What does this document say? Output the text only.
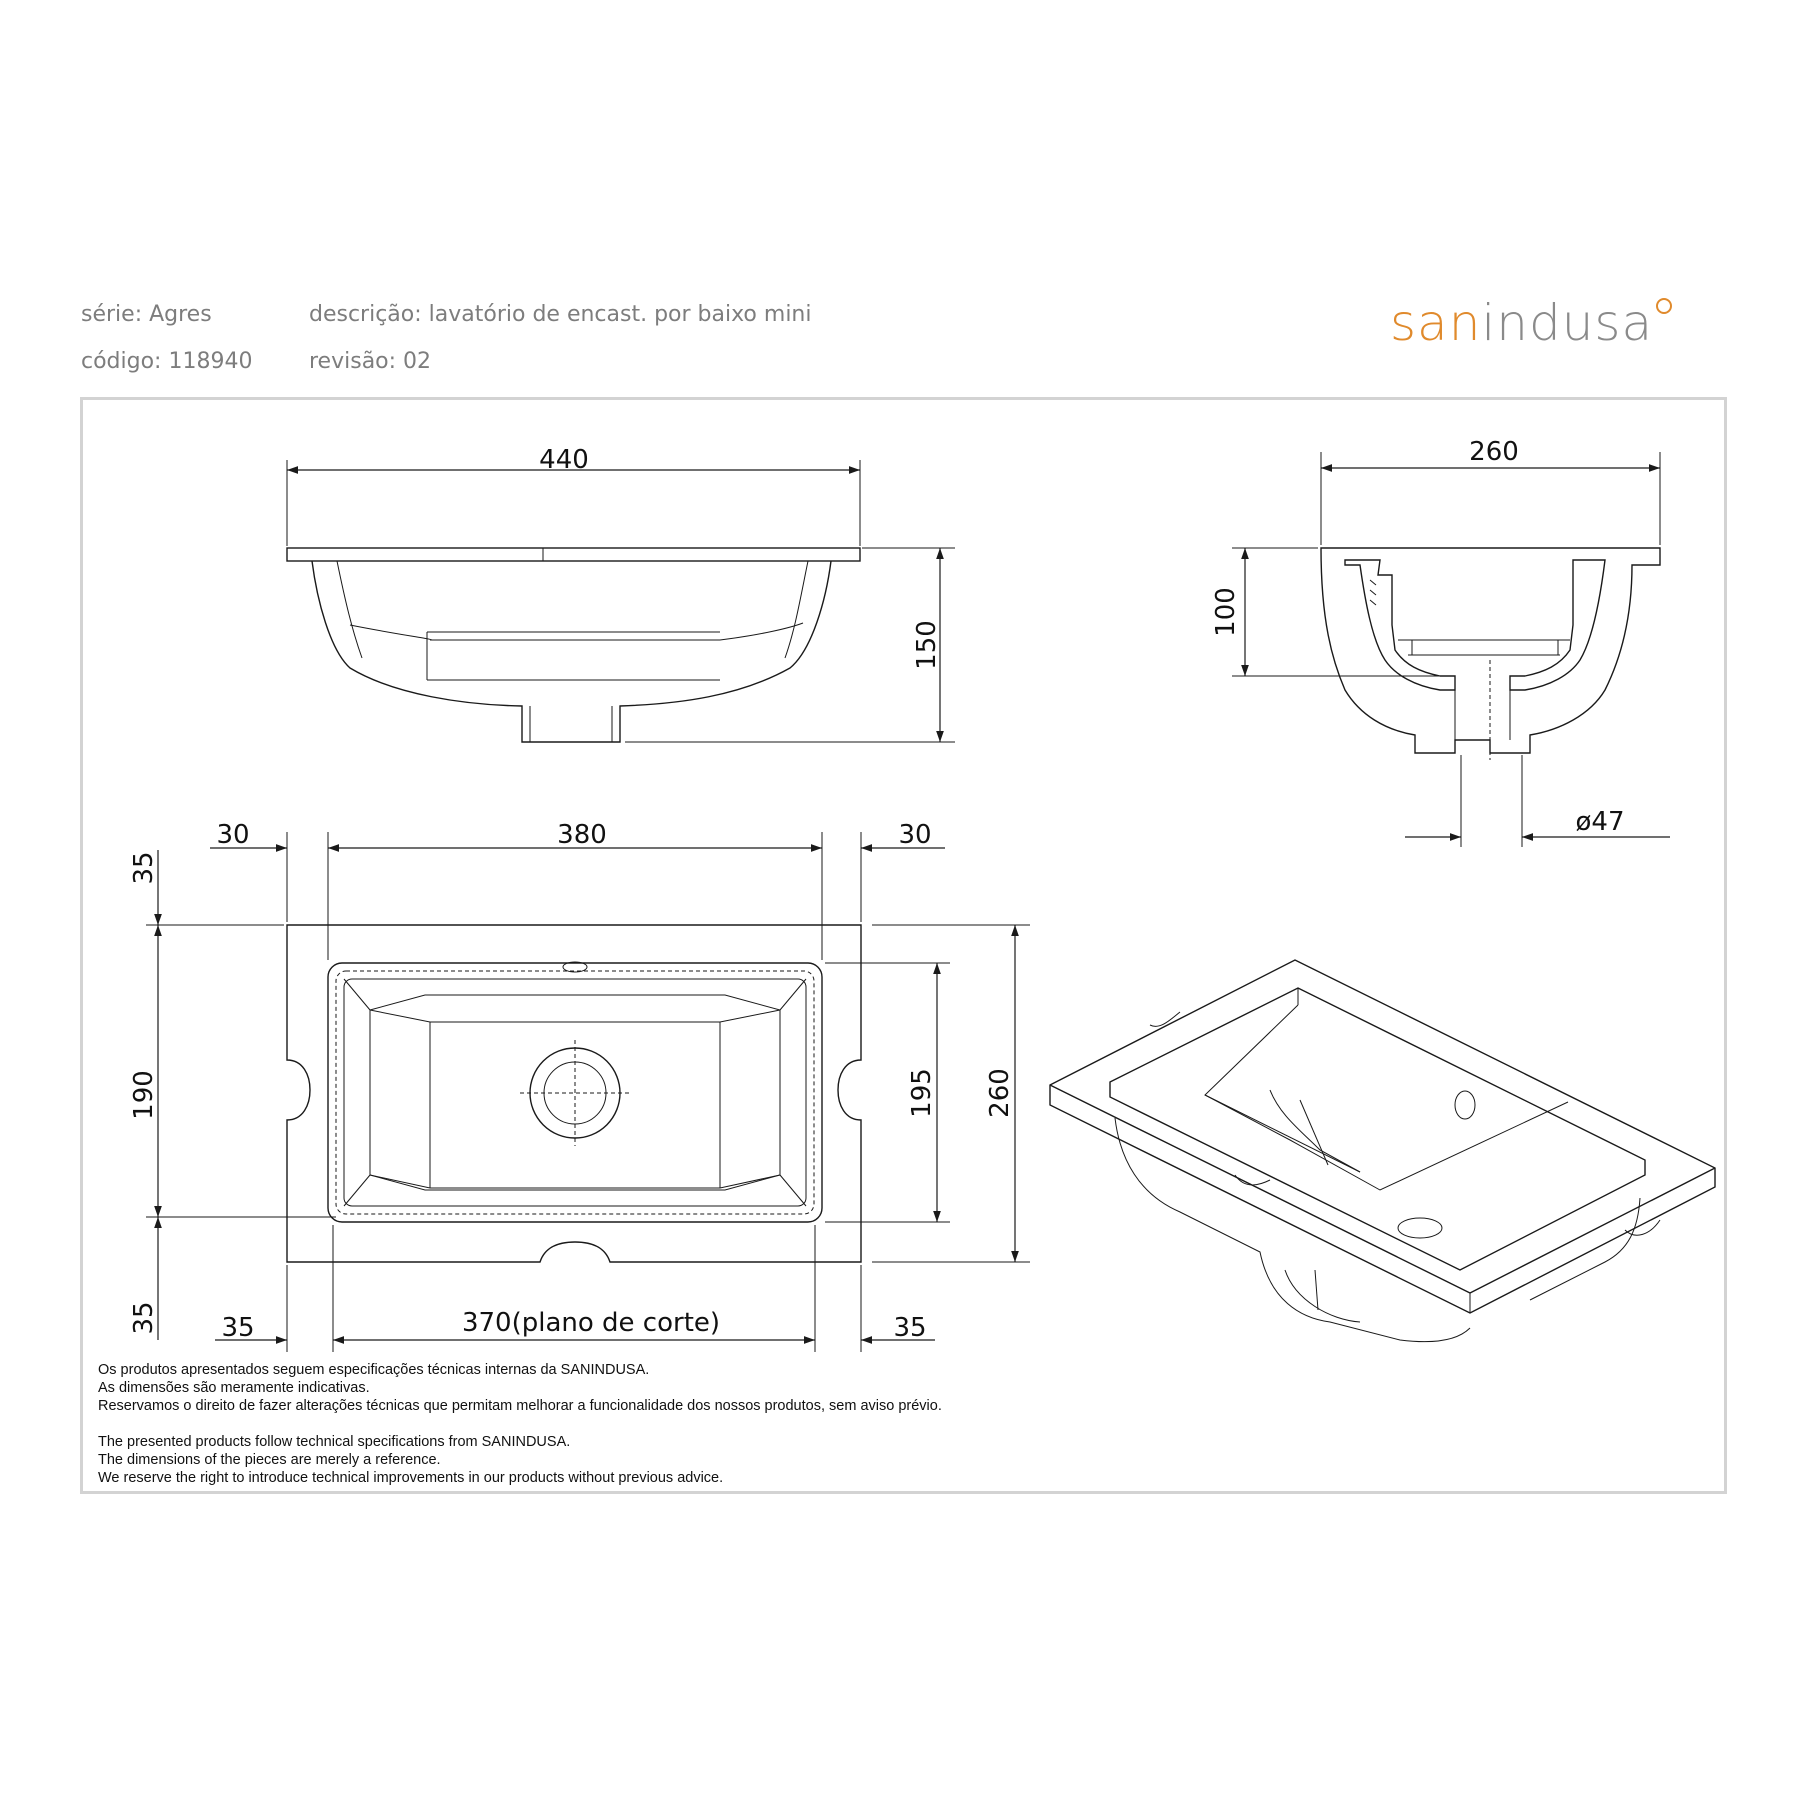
série: Agres
código: 118940
descrição: lavatório de encast. por baixo mini
revisão: 02
sanindusa
440
150
260
100
ø47
30	380	30
35
190
35
195 260
35	370(plano de corte)	35
Os produtos apresentados seguem especificações técnicas internas da SANINDUSA.
As dimensões são meramente indicativas.
Reservamos o direito de fazer alterações técnicas que permitam melhorar a funcionalidade dos nossos produtos, sem aviso prévio.
The presented products follow technical specifications from SANINDUSA.
The dimensions of the pieces are merely a reference.
We reserve the right to introduce technical improvements in our products without previous advice.
